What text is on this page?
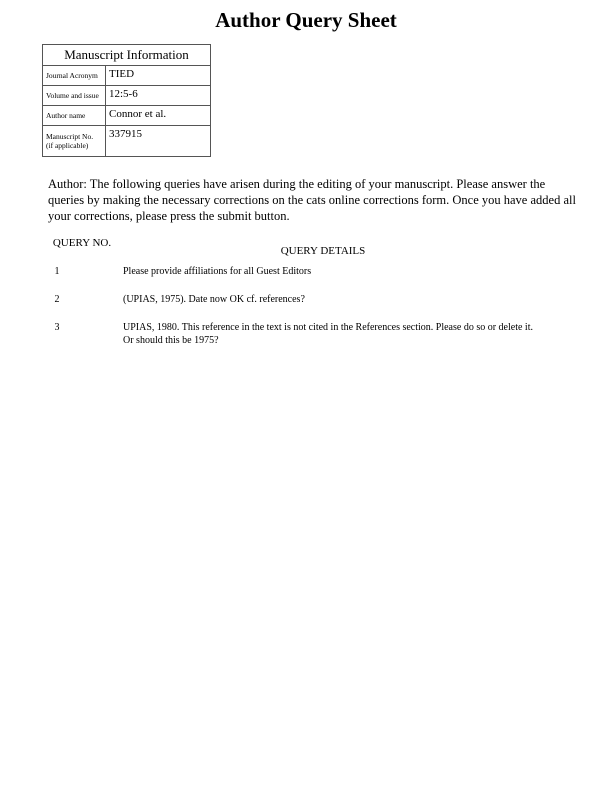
Author Query Sheet
Manuscript Information	
Journal Acronym	TIED
Volume and issue	12:5-6
Author name	Connor et al.
Manuscript No. (if applicable)	337915

Author: The following queries have arisen during the editing of your manuscript. Please answer the queries by making the necessary corrections on the cats online corrections form. Once you have added all your corrections, please press the submit button.

QUERY NO.
QUERY DETAILS
1	Please provide affiliations for all Guest Editors
2	(UPIAS, 1975). Date now OK cf. references?
3	UPIAS, 1980. This reference in the text is not cited in the References section. Please do so or delete it. Or should this be 1975?
